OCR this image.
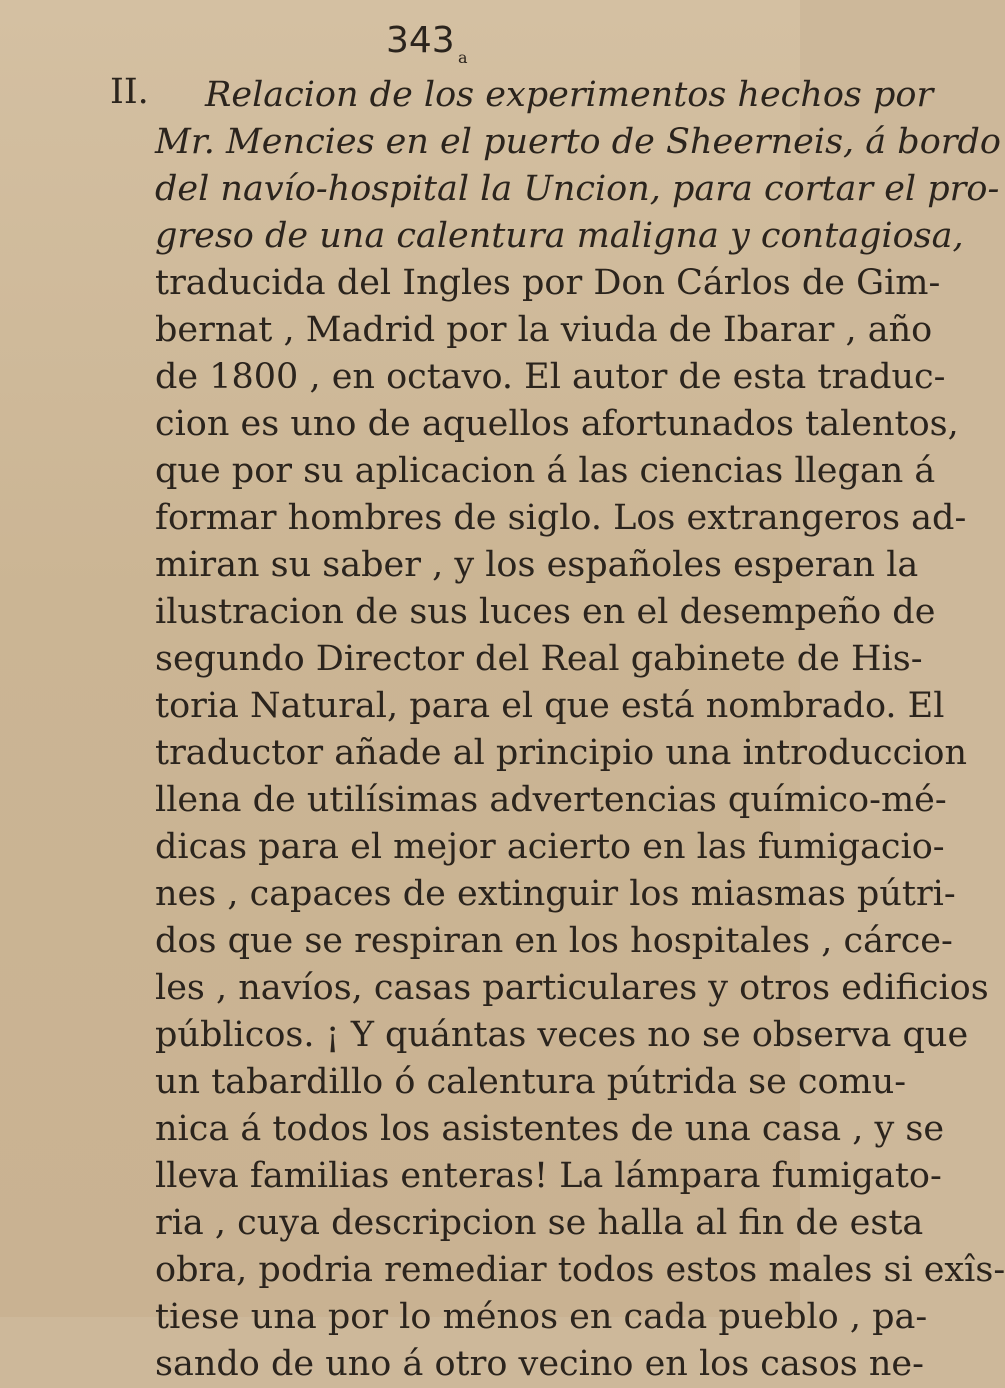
343 a
II. Relacion de los experimentos hechos por
Mr. Mencies en el puerto de Sheerneis, á bordo
del navío-hospital la Uncion, para cortar el pro-
greso de una calentura maligna y contagiosa,
traducida del Ingles por Don Cárlos de Gim-
bernat , Madrid por la viuda de Ibarar , año
de 1800 , en octavo. El autor de esta traduc-
cion es uno de aquellos afortunados talentos,
que por su aplicacion á las ciencias llegan á
formar hombres de siglo. Los extrangeros ad-
miran su saber , y los españoles esperan la
ilustracion de sus luces en el desempeño de
segundo Director del Real gabinete de His-
toria Natural, para el que está nombrado. El
traductor añade al principio una introduccion
llena de utilísimas advertencias químico-mé-
dicas para el mejor acierto en las fumigacio-
nes , capaces de extinguir los miasmas pútri-
dos que se respiran en los hospitales , cárce-
les , navíos, casas particulares y otros edificios
públicos. ¡ Y quántas veces no se observa que
un tabardillo ó calentura pútrida se comu-
nica á todos los asistentes de una casa , y se
lleva familias enteras! La lámpara fumigato-
ria , cuya descripcion se halla al fin de esta
obra, podria remediar todos estos males si exîs-
tiese una por lo ménos en cada pueblo , pa-
sando de uno á otro vecino en los casos ne-
